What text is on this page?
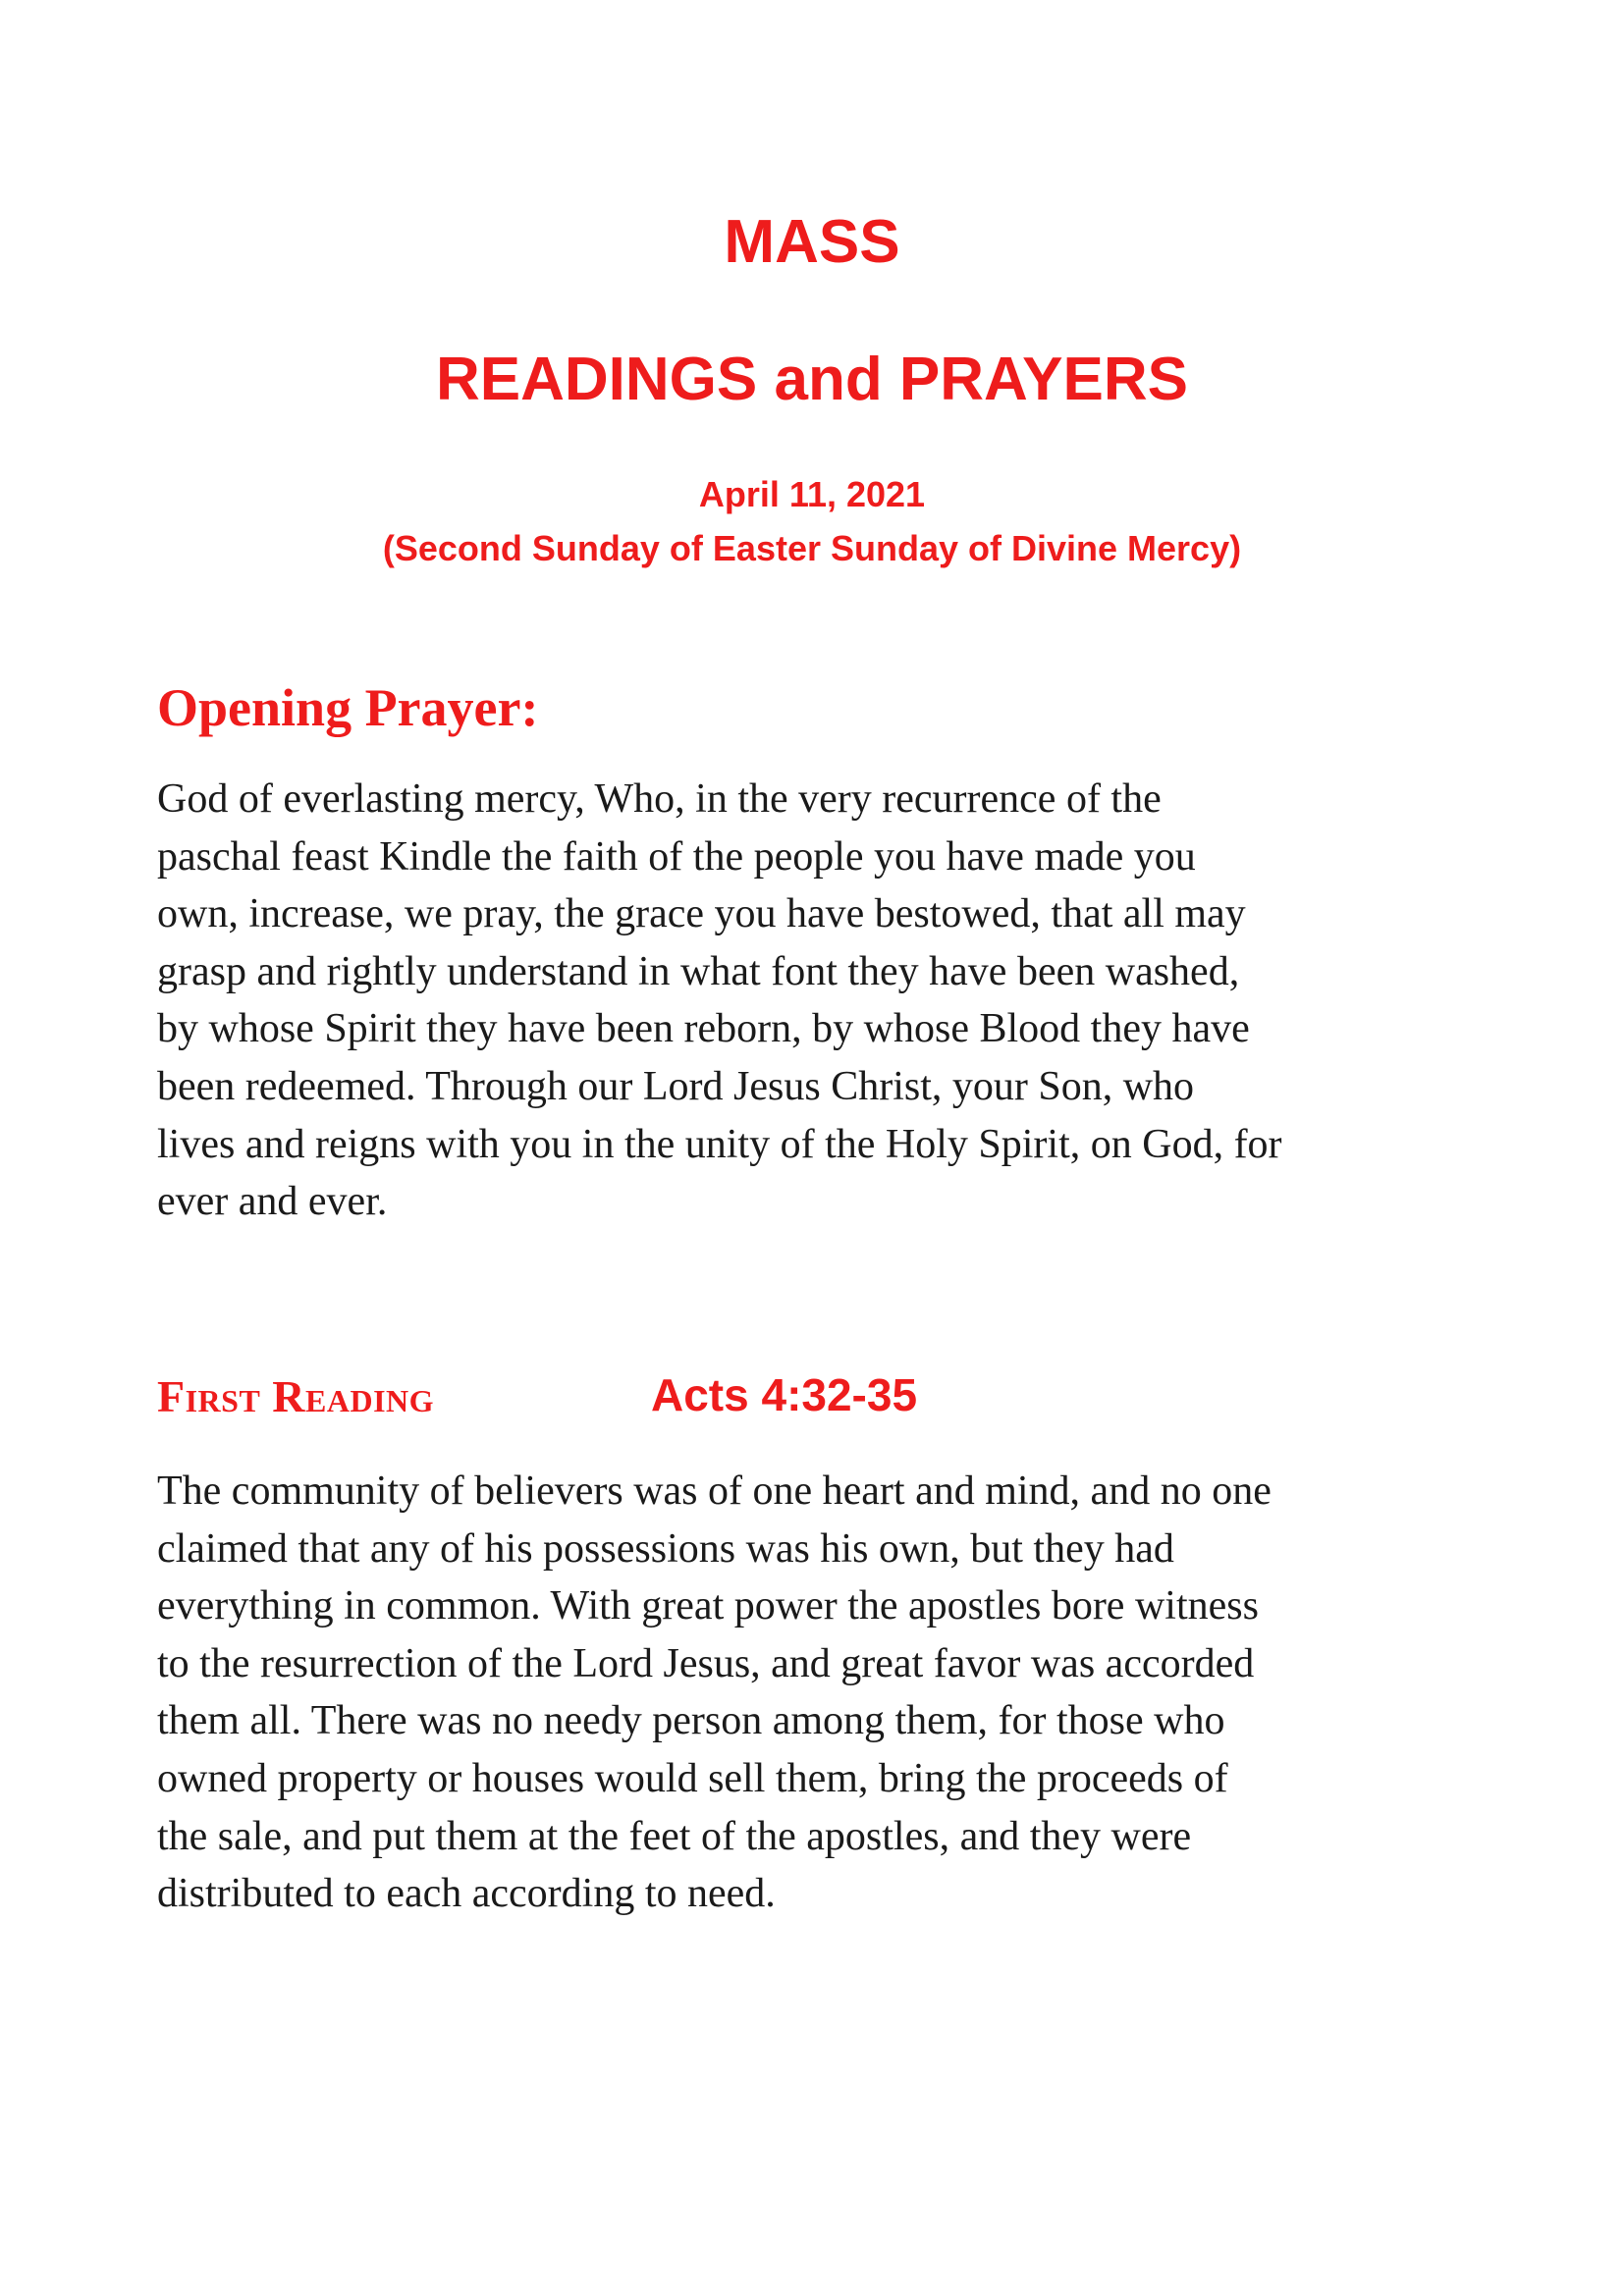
MASS
READINGS and PRAYERS

April 11, 2021

(Second Sunday of Easter Sunday of Divine Mercy)

Opening Prayer:
God of everlasting mercy, Who, in the very recurrence of the
paschal feast Kindle the faith of the people you have made you
own, increase, we pray, the grace you have bestowed, that all may
grasp and rightly understand in what font they have been washed,
by whose Spirit they have been reborn, by whose Blood they have
been redeemed. Through our Lord Jesus Christ, your Son, who
lives and reigns with you in the unity of the Holy Spirit, on God, for
ever and ever.
First Reading	Acts 4:32-35

The community of believers was of one heart and mind, and no one
claimed that any of his possessions was his own, but they had
everything in common. With great power the apostles bore witness
to the resurrection of the Lord Jesus, and great favor was accorded
them all. There was no needy person among them, for those who
owned property or houses would sell them, bring the proceeds of
the sale, and put them at the feet of the apostles, and they were
distributed to each according to need.
